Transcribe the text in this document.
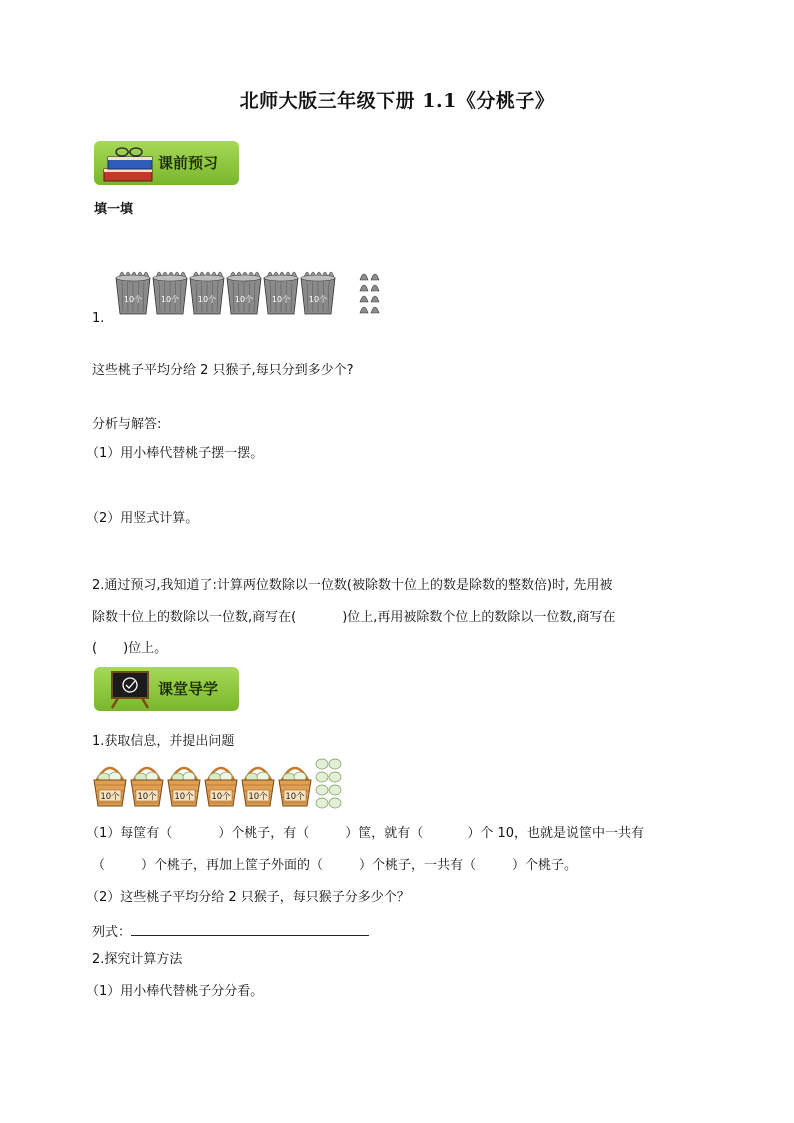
北师大版三年级下册 1.1《分桃子》
课前预习
填一填
10个 10个 10个 10个 10个 10个
1.
这些桃子平均分给 2 只猴子,每只分到多少个?
分析与解答:
（1）用小棒代替桃子摆一摆。
（2）用竖式计算。
2.通过预习,我知道了:计算两位数除以一位数(被除数十位上的数是除数的整数倍)时, 先用被
除数十位上的数除以一位数,商写在(	)位上,再用被除数个位上的数除以一位数,商写在
( )位上。
课堂导学
1.获取信息，并提出问题
10个 10个 10个 10个 10个 10个
（1）每筐有（	）个桃子，有（	）筐，就有（	）个 10，也就是说筐中一共有
（	）个桃子，再加上筐子外面的（	）个桃子，一共有（	）个桃子。
（2）这些桃子平均分给 2 只猴子，每只猴子分多少个？
列式：
2.探究计算方法
（1）用小棒代替桃子分分看。
